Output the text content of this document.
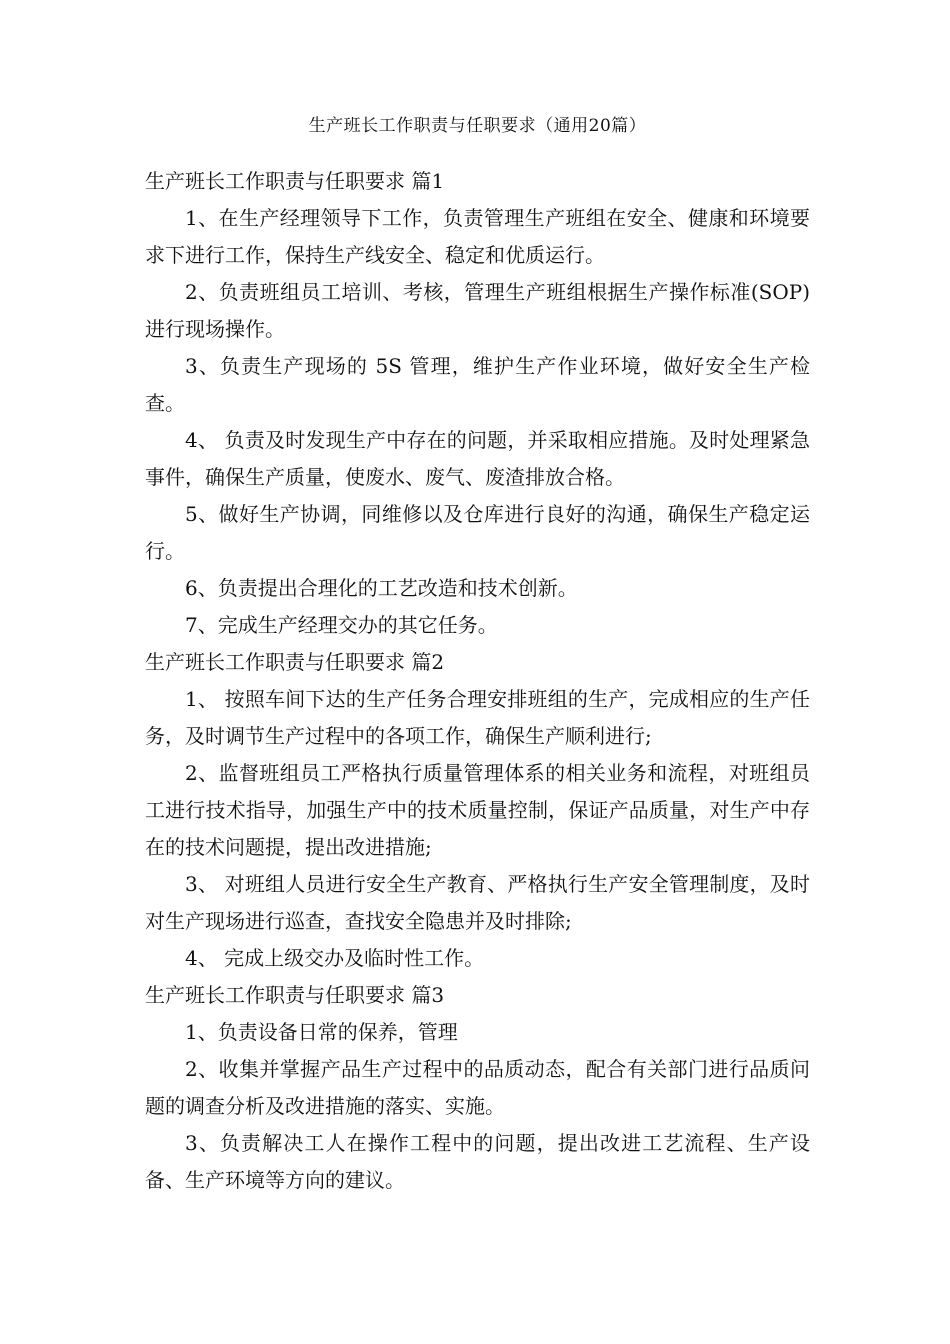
生产班长工作职责与任职要求（通用20篇）
生产班长工作职责与任职要求 篇1

1、在生产经理领导下工作，负责管理生产班组在安全、健康和环境要求下进行工作，保持生产线安全、稳定和优质运行。

2、负责班组员工培训、考核，管理生产班组根据生产操作标准(SOP)进行现场操作。

3、负责生产现场的 5S 管理，维护生产作业环境，做好安全生产检查。

4、 负责及时发现生产中存在的问题，并采取相应措施。及时处理紧急事件，确保生产质量，使废水、废气、废渣排放合格。

5、做好生产协调，同维修以及仓库进行良好的沟通，确保生产稳定运行。

6、负责提出合理化的工艺改造和技术创新。

7、完成生产经理交办的其它任务。

生产班长工作职责与任职要求 篇2

1、 按照车间下达的生产任务合理安排班组的生产，完成相应的生产任务，及时调节生产过程中的各项工作，确保生产顺利进行;

2、监督班组员工严格执行质量管理体系的相关业务和流程，对班组员工进行技术指导，加强生产中的技术质量控制，保证产品质量，对生产中存在的技术问题提，提出改进措施;

3、 对班组人员进行安全生产教育、严格执行生产安全管理制度，及时对生产现场进行巡查，查找安全隐患并及时排除;

4、 完成上级交办及临时性工作。

生产班长工作职责与任职要求 篇3

1、负责设备日常的保养，管理

2、收集并掌握产品生产过程中的品质动态，配合有关部门进行品质问题的调查分析及改进措施的落实、实施。

3、负责解决工人在操作工程中的问题，提出改进工艺流程、生产设备、生产环境等方向的建议。
